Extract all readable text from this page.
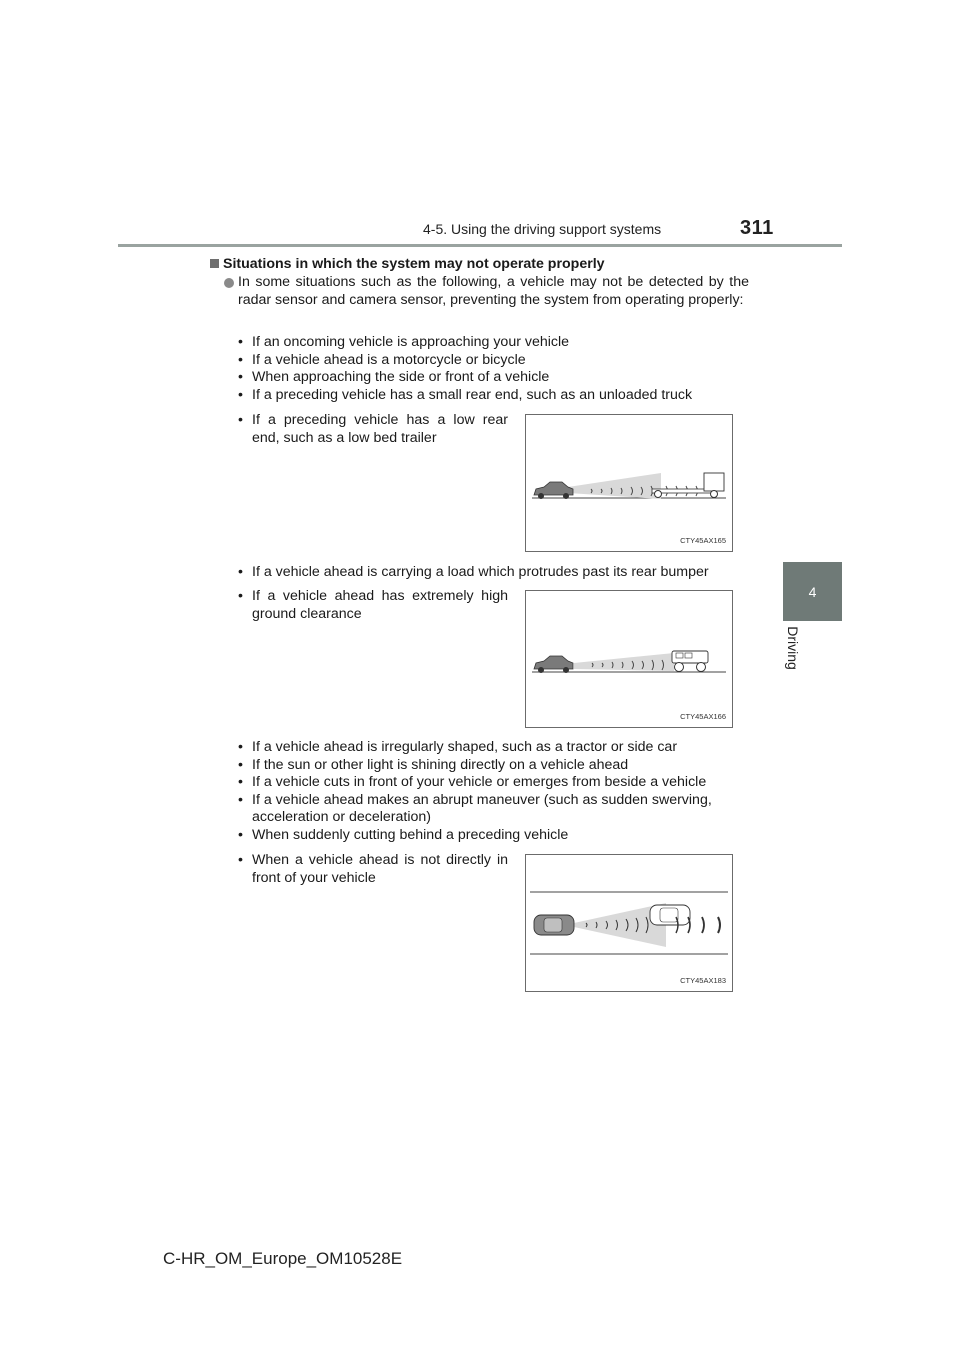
4-5. Using the driving support systems	311
4
Driving
Situations in which the system may not operate properly
In some situations such as the following, a vehicle may not be detected by the radar sensor and camera sensor, preventing the system from operating properly:
• If an oncoming vehicle is approaching your vehicle
• If a vehicle ahead is a motorcycle or bicycle
• When approaching the side or front of a vehicle
• If a preceding vehicle has a small rear end, such as an unloaded truck
• If a preceding vehicle has a low rear end, such as a low bed trailer
CTY45AX165
• If a vehicle ahead is carrying a load which protrudes past its rear bumper
• If a vehicle ahead has extremely high ground clearance
CTY45AX166
• If a vehicle ahead is irregularly shaped, such as a tractor or side car
• If the sun or other light is shining directly on a vehicle ahead
• If a vehicle cuts in front of your vehicle or emerges from beside a vehicle
• If a vehicle ahead makes an abrupt maneuver (such as sudden swerving, acceleration or deceleration)
• When suddenly cutting behind a preceding vehicle
• When a vehicle ahead is not directly in front of your vehicle
CTY45AX183
C-HR_OM_Europe_OM10528E
